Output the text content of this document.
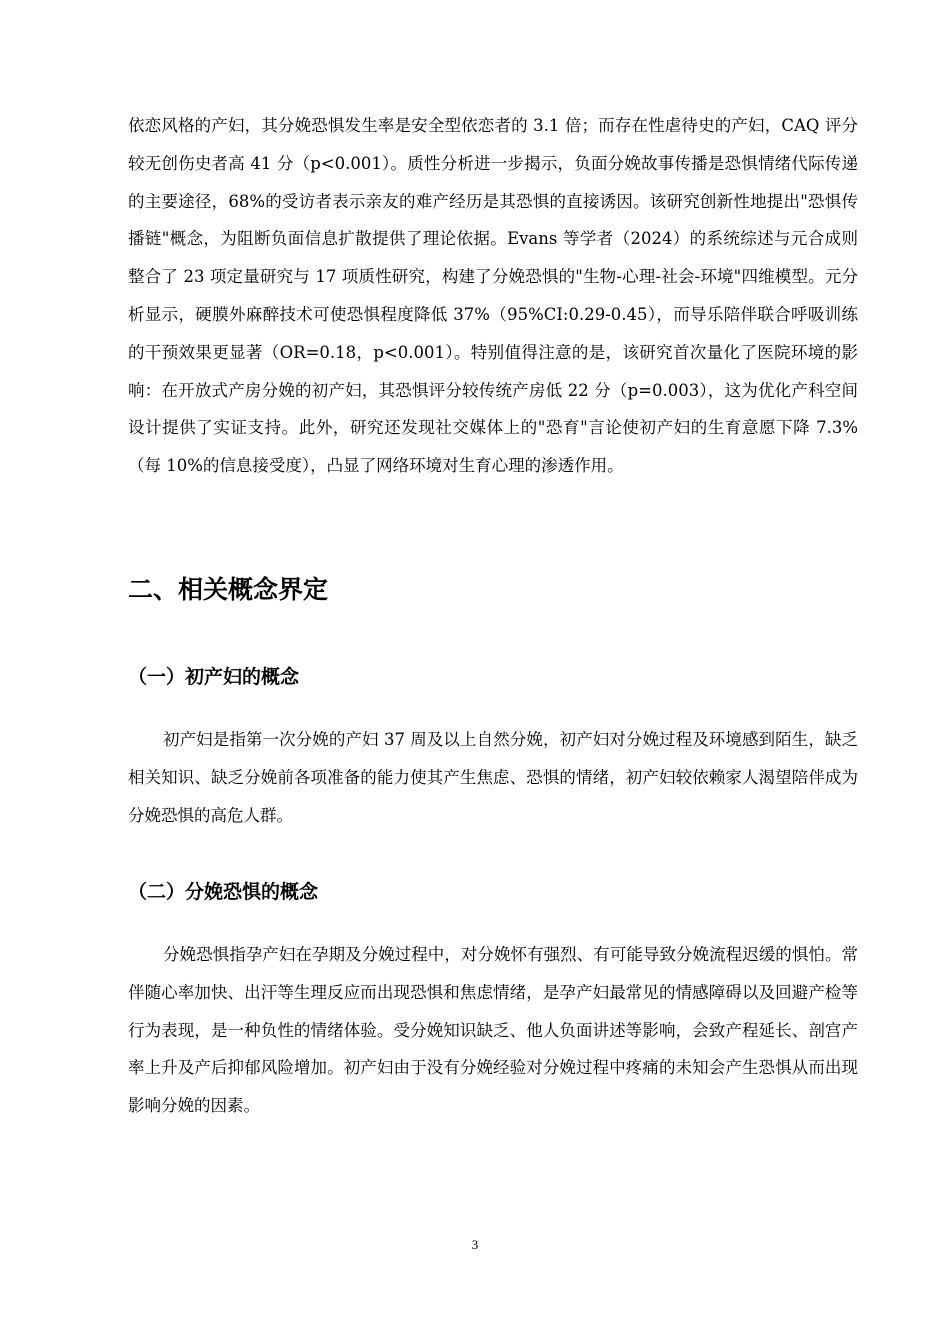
依恋风格的产妇，其分娩恐惧发生率是安全型依恋者的 3.1 倍；而存在性虐待史的产妇，CAQ 评分较无创伤史者高 41 分（p<0.001）。质性分析进一步揭示，负面分娩故事传播是恐惧情绪代际传递的主要途径，68%的受访者表示亲友的难产经历是其恐惧的直接诱因。该研究创新性地提出"恐惧传播链"概念，为阻断负面信息扩散提供了理论依据。Evans 等学者（2024）的系统综述与元合成则整合了 23 项定量研究与 17 项质性研究，构建了分娩恐惧的"生物-心理-社会-环境"四维模型。元分析显示，硬膜外麻醉技术可使恐惧程度降低 37%（95%CI:0.29-0.45），而导乐陪伴联合呼吸训练的干预效果更显著（OR=0.18，p<0.001）。特别值得注意的是，该研究首次量化了医院环境的影响：在开放式产房分娩的初产妇，其恐惧评分较传统产房低 22 分（p=0.003），这为优化产科空间设计提供了实证支持。此外，研究还发现社交媒体上的"恐育"言论使初产妇的生育意愿下降 7.3%（每 10%的信息接受度），凸显了网络环境对生育心理的渗透作用。

二、相关概念界定
（一）初产妇的概念

初产妇是指第一次分娩的产妇 37 周及以上自然分娩，初产妇对分娩过程及环境感到陌生，缺乏相关知识、缺乏分娩前各项准备的能力使其产生焦虑、恐惧的情绪，初产妇较依赖家人渴望陪伴成为分娩恐惧的高危人群。

（二）分娩恐惧的概念

分娩恐惧指孕产妇在孕期及分娩过程中，对分娩怀有强烈、有可能导致分娩流程迟缓的惧怕。常伴随心率加快、出汗等生理反应而出现恐惧和焦虑情绪，是孕产妇最常见的情感障碍以及回避产检等行为表现，是一种负性的情绪体验。受分娩知识缺乏、他人负面讲述等影响，会致产程延长、剖宫产率上升及产后抑郁风险增加。初产妇由于没有分娩经验对分娩过程中疼痛的未知会产生恐惧从而出现影响分娩的因素。

3
